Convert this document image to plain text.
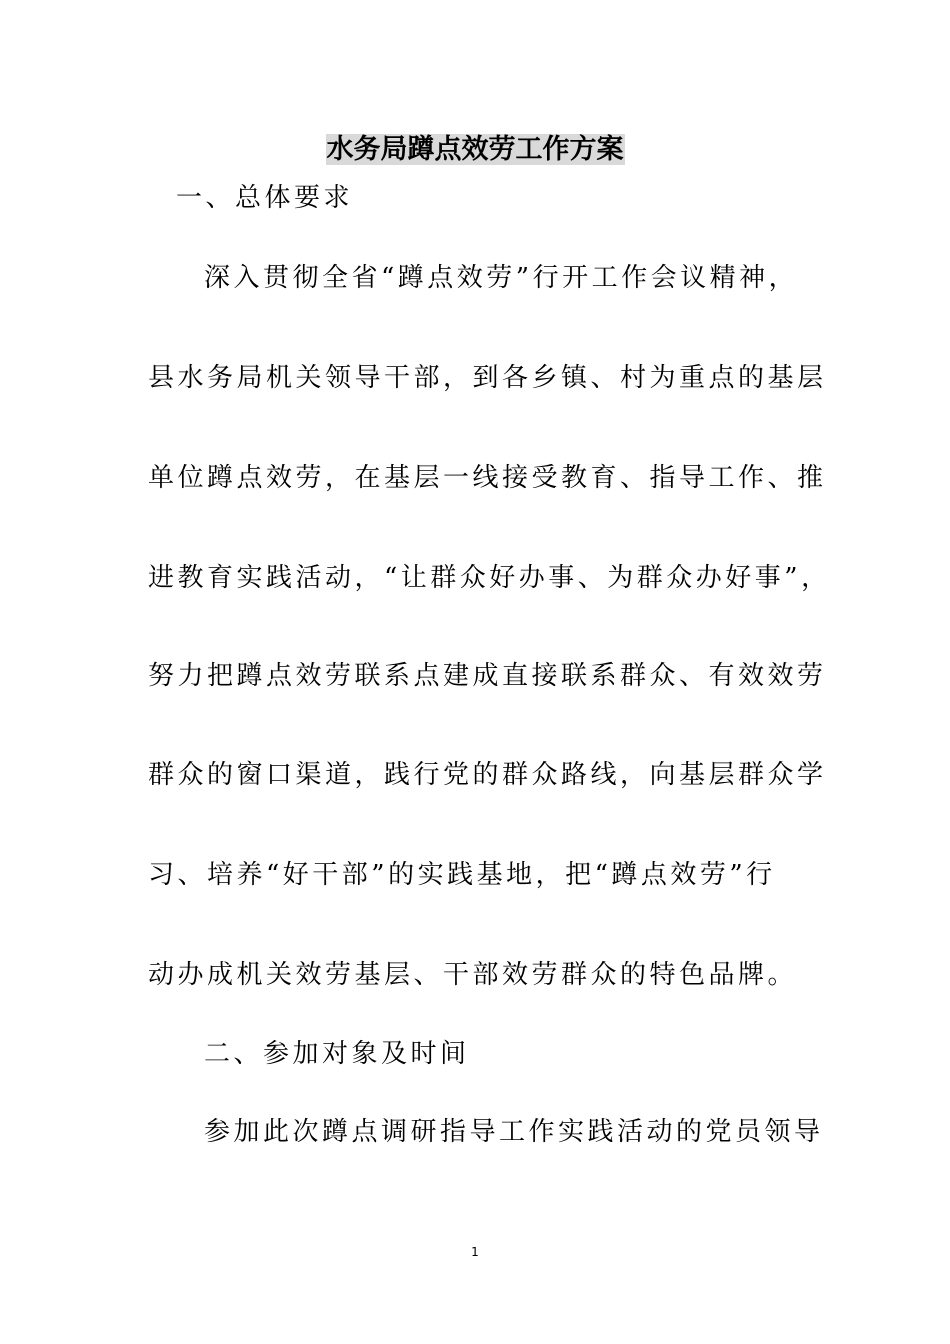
水务局蹲点效劳工作方案
一、总体要求
深入贯彻全省“蹲点效劳”行开工作会议精神，
县水务局机关领导干部，到各乡镇、村为重点的基层
单位蹲点效劳，在基层一线接受教育、指导工作、推
进教育实践活动，“让群众好办事、为群众办好事”，
努力把蹲点效劳联系点建成直接联系群众、有效效劳
群众的窗口渠道，践行党的群众路线，向基层群众学
习、培养“好干部”的实践基地，把“蹲点效劳”行
动办成机关效劳基层、干部效劳群众的特色品牌。
二、参加对象及时间
参加此次蹲点调研指导工作实践活动的党员领导
1
